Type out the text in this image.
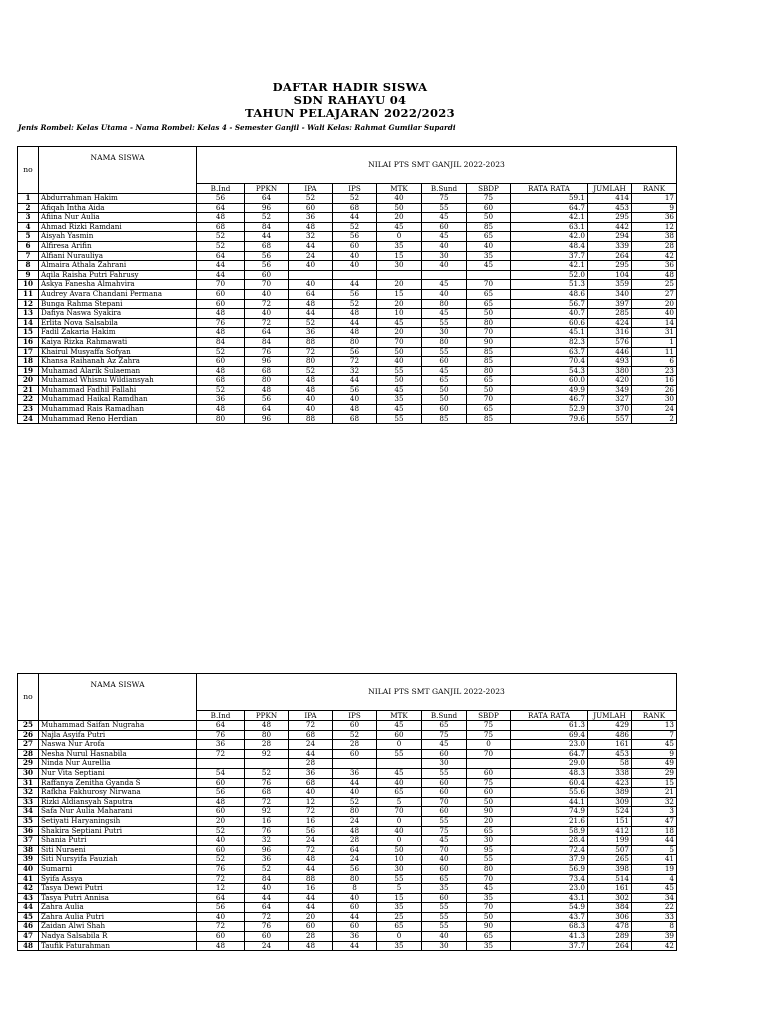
DAFTAR HADIR SISWA
SDN RAHAYU 04
TAHUN PELAJARAN 2022/2023
Jenis Rombel: Kelas Utama - Nama Rombel: Kelas 4 - Semester Ganjil - Wali Kelas: Rahmat Gumilar Supardi
no	NAMA SISWA	NILAI PTS SMT GANJIL 2022-2023									
		B.Ind	PPKN	IPA	IPS	MTK	B.Sund	SBDP	RATA RATA	JUMLAH	RANK
1	Abdurrahman Hakim	56	64	52	52	40	75	75	59.1	414	17
2	Afiqah Intha Aida	64	96	60	68	50	55	60	64.7	453	9
3	Afiina Nur Aulia	48	52	36	44	20	45	50	42.1	295	36
4	Ahmad Rizki Ramdani	68	84	48	52	45	60	85	63.1	442	12
5	Aisyah Yasmin	52	44	32	56	0	45	65	42.0	294	38
6	Alfiresa Arifin	52	68	44	60	35	40	40	48.4	339	28
7	Alfiani Nurauliya	64	56	24	40	15	30	35	37.7	264	42
8	Almaira Athala Zahrani	44	56	40	40	30	40	45	42.1	295	36
9	Aqila Raisha Putri Fahrusy	44	60						52.0	104	48
10	Askya Fanesha Almahvira	70	70	40	44	20	45	70	51.3	359	25
11	Audrey Avara Chandani Permana	60	40	64	56	15	40	65	48.6	340	27
12	Bunga Rahma Stepani	60	72	48	52	20	80	65	56.7	397	20
13	Dafiya Naswa Syakira	48	40	44	48	10	45	50	40.7	285	40
14	Erlita Nova Salsabila	76	72	52	44	45	55	80	60.6	424	14
15	Fadil Zakaria Hakim	48	64	36	48	20	30	70	45.1	316	31
16	Kaiya Rizka Rahmawati	84	84	88	80	70	80	90	82.3	576	1
17	Khairul Musyaffa Sofyan	52	76	72	56	50	55	85	63.7	446	11
18	Khansa Raihanah Az Zahra	60	96	80	72	40	60	85	70.4	493	6
19	Muhamad Alarik Sulaeman	48	68	52	32	55	45	80	54.3	380	23
20	Muhamad Whisnu Wildiansyah	68	80	48	44	50	65	65	60.0	420	16
21	Muhammad Fadhil Fallahi	52	48	48	56	45	50	50	49.9	349	26
22	Muhammad Haikal Ramdhan	36	56	40	40	35	50	70	46.7	327	30
23	Muhammad Rais Ramadhan	48	64	40	48	45	60	65	52.9	370	24
24	Muhammad Reno Herdian	80	96	88	68	55	85	85	79.6	557	2
no	NAMA SISWA	NILAI PTS SMT GANJIL 2022-2023									
		B.Ind	PPKN	IPA	IPS	MTK	B.Sund	SBDP	RATA RATA	JUMLAH	RANK
25	Muhammad Saifan Nugraha	64	48	72	60	45	65	75	61.3	429	13
26	Najla Asyifa Putri	76	80	68	52	60	75	75	69.4	486	7
27	Naswa Nur Arofa	36	28	24	28	0	45	0	23.0	161	45
28	Nesha Nurul Hasnabila	72	92	44	60	55	60	70	64.7	453	9
29	Ninda Nur Aurellia			28			30		29.0	58	49
30	Nur Vita Septiani	54	52	36	36	45	55	60	48.3	338	29
31	Raffanya Zenitha Gyanda S	60	76	68	44	40	60	75	60.4	423	15
32	Rafkha Fakhurosy Nirwana	56	68	40	40	65	60	60	55.6	389	21
33	Rizki Aldiansyah Saputra	48	72	12	52	5	70	50	44.1	309	32
34	Safa Nur Aulia Maharani	60	92	72	80	70	60	90	74.9	524	3
35	Setiyati Haryaningsih	20	16	16	24	0	55	20	21.6	151	47
36	Shakira Septiani Putri	52	76	56	48	40	75	65	58.9	412	18
37	Shania Putri	40	32	24	28	0	45	30	28.4	199	44
38	Siti Nuraeni	60	96	72	64	50	70	95	72.4	507	5
39	Siti Nursyifa Fauziah	52	36	48	24	10	40	55	37.9	265	41
40	Sumarni	76	52	44	56	30	60	80	56.9	398	19
41	Syifa Assya	72	84	88	80	55	65	70	73.4	514	4
42	Tasya Dewi Putri	12	40	16	8	5	35	45	23.0	161	45
43	Tasya Putri Annisa	64	44	44	40	15	60	35	43.1	302	34
44	Zahra Aulia	56	64	44	60	35	55	70	54.9	384	22
45	Zahra Aulia Putri	40	72	20	44	25	55	50	43.7	306	33
46	Zaidan Alwi Shah	72	76	60	60	65	55	90	68.3	478	8
47	Nadya Salsabila R	60	60	28	36	0	40	65	41.3	289	39
48	Taufik Faturahman	48	24	48	44	35	30	35	37.7	264	42
